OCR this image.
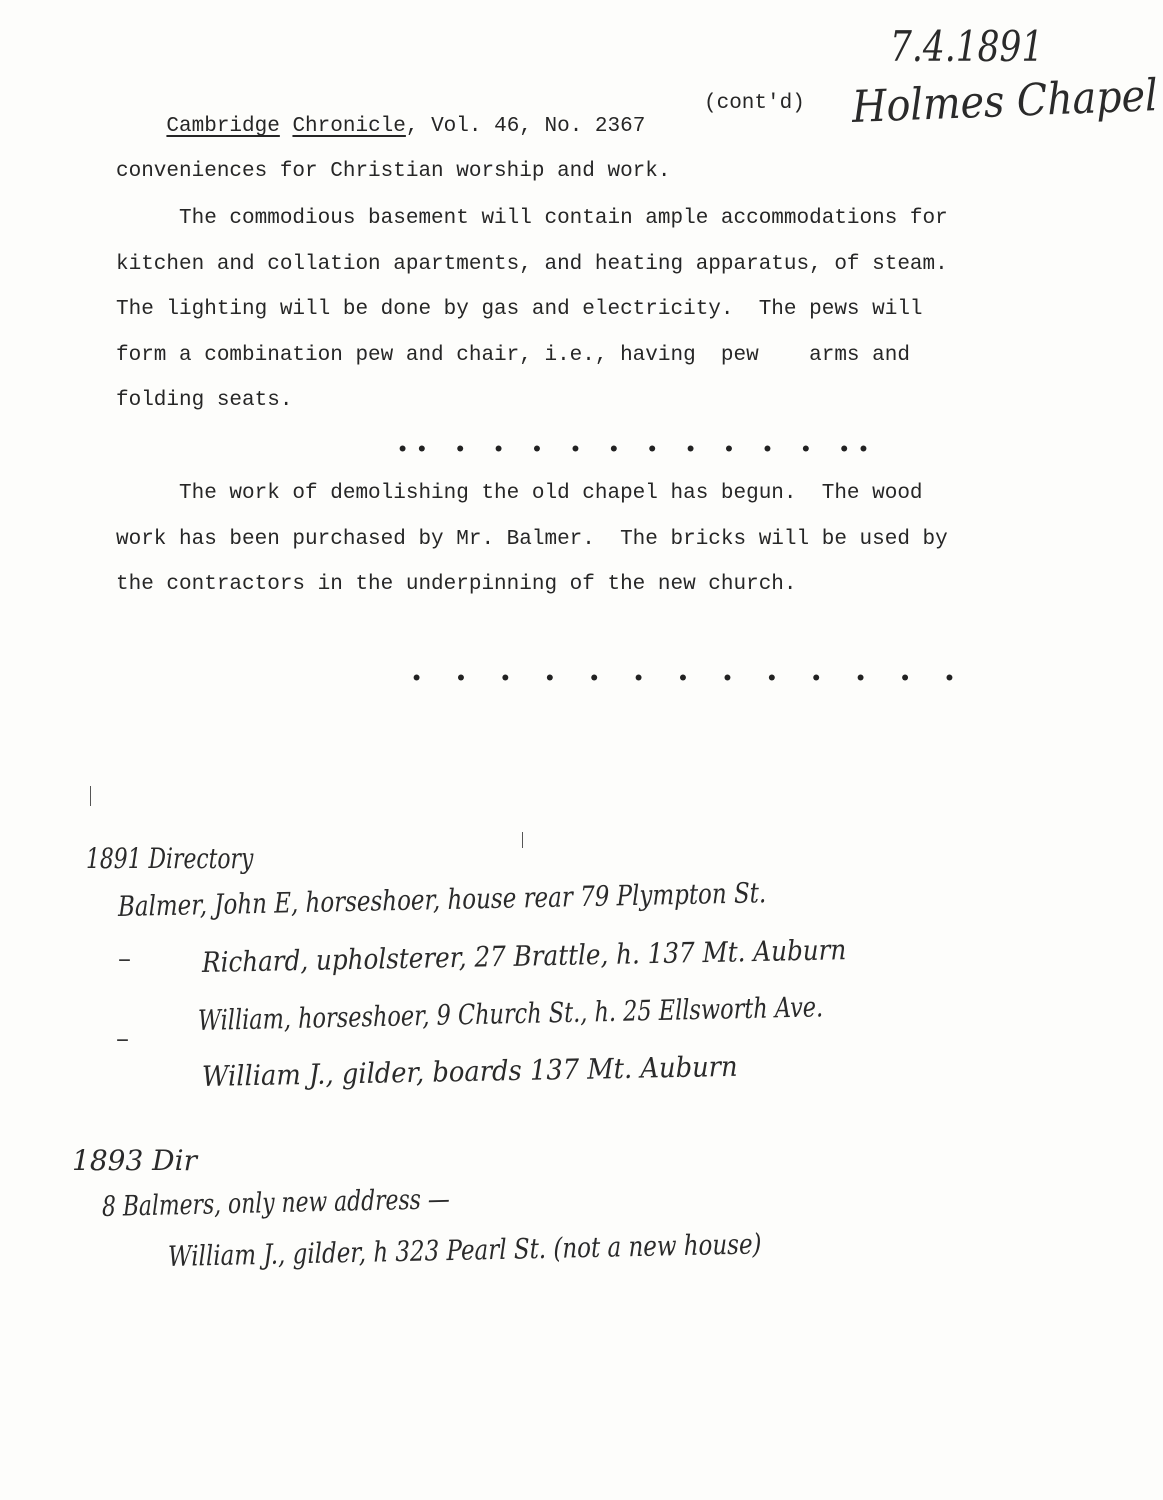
7.4.1891
Holmes Chapel

Cambridge Chronicle, Vol. 46, No. 2367

(cont'd)
conveniences for Christian worship and work.
The commodious basement will contain ample accommodations for
kitchen and collation apartments, and heating apparatus, of steam.
The lighting will be done by gas and electricity.  The pews will
form a combination pew and chair, i.e., having  pew    arms and
folding seats.
•• • • • • • • • • • • ••
The work of demolishing the old chapel has begun.  The wood
work has been purchased by Mr. Balmer.  The bricks will be used by
the contractors in the underpinning of the new church.
• • • • • • • • • • • • •
1891 Directory
Balmer, John E, horseshoer, house rear 79 Plympton St.
–	Richard, upholsterer, 27 Brattle, h. 137 Mt. Auburn
–
William, horseshoer, 9 Church St., h. 25 Ellsworth Ave.
William J., gilder, boards 137 Mt. Auburn
1893 Dir
8 Balmers, only new address —
William J., gilder, h 323 Pearl St. (not a new house)
